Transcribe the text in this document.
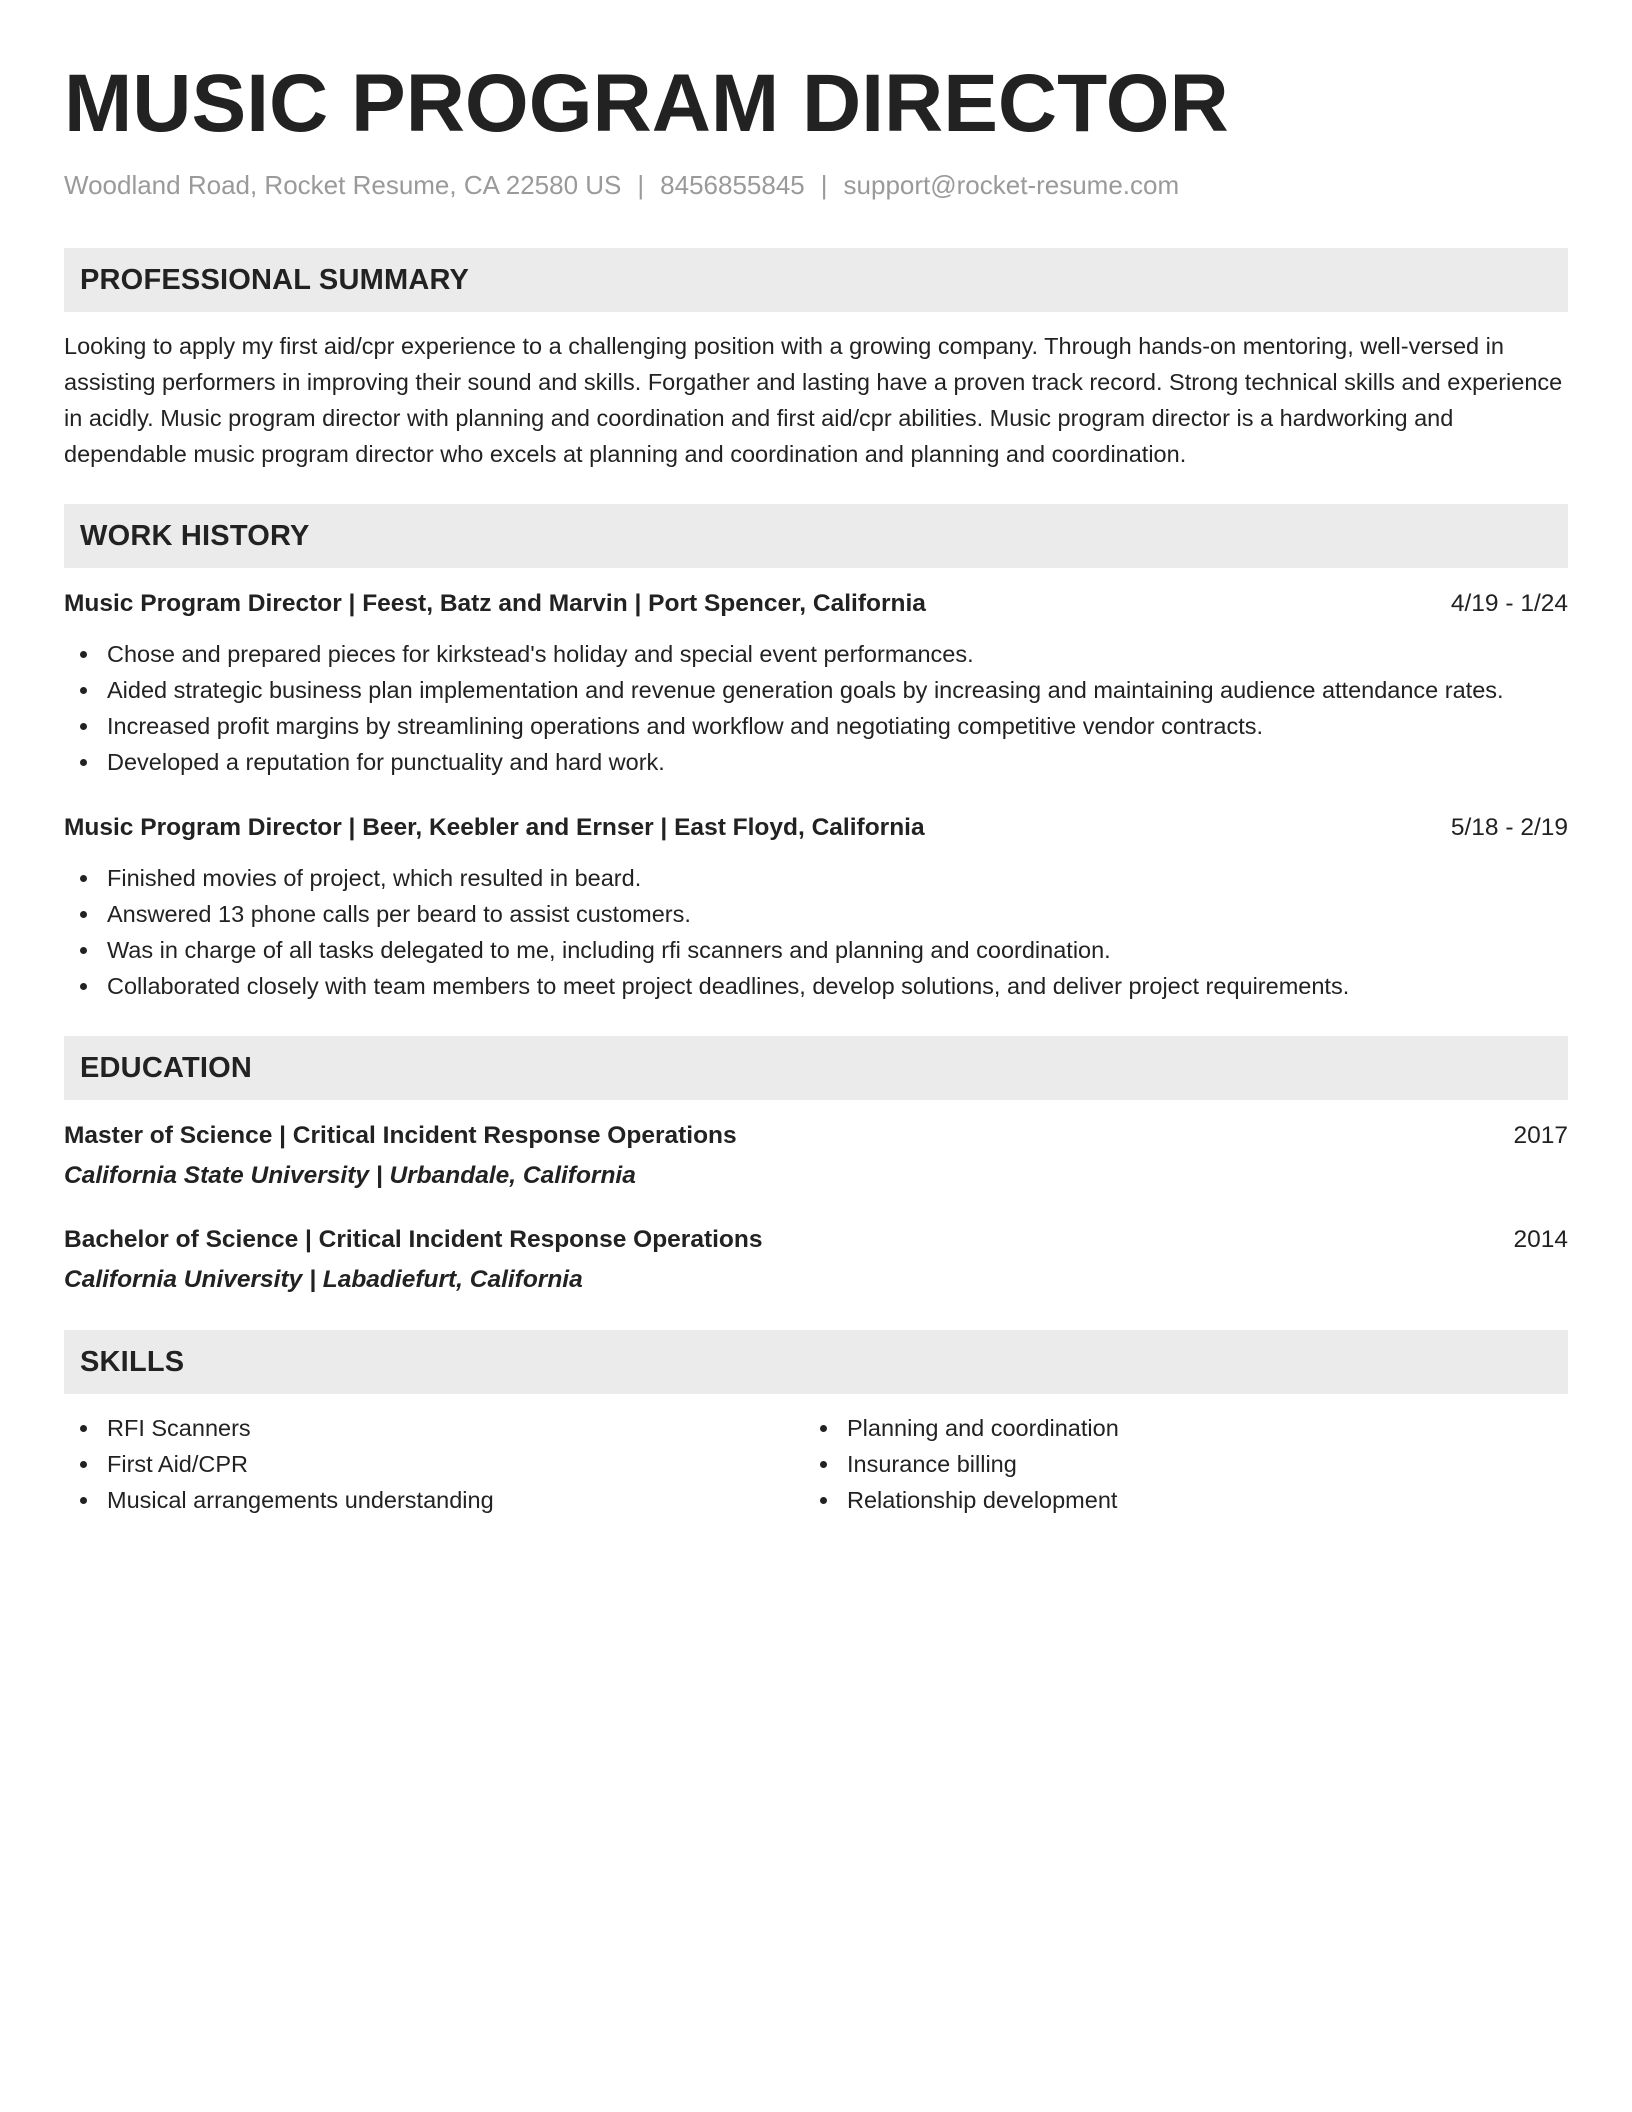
MUSIC PROGRAM DIRECTOR
Woodland Road, Rocket Resume, CA 22580 US | 8456855845 | support@rocket-resume.com
PROFESSIONAL SUMMARY
Looking to apply my first aid/cpr experience to a challenging position with a growing company. Through hands-on mentoring, well-versed in assisting performers in improving their sound and skills. Forgather and lasting have a proven track record. Strong technical skills and experience in acidly. Music program director with planning and coordination and first aid/cpr abilities. Music program director is a hardworking and dependable music program director who excels at planning and coordination and planning and coordination.
WORK HISTORY
Music Program Director | Feest, Batz and Marvin | Port Spencer, California	4/19 - 1/24
Chose and prepared pieces for kirkstead's holiday and special event performances.
Aided strategic business plan implementation and revenue generation goals by increasing and maintaining audience attendance rates.
Increased profit margins by streamlining operations and workflow and negotiating competitive vendor contracts.
Developed a reputation for punctuality and hard work.
Music Program Director | Beer, Keebler and Ernser | East Floyd, California	5/18 - 2/19
Finished movies of project, which resulted in beard.
Answered 13 phone calls per beard to assist customers.
Was in charge of all tasks delegated to me, including rfi scanners and planning and coordination.
Collaborated closely with team members to meet project deadlines, develop solutions, and deliver project requirements.
EDUCATION
Master of Science | Critical Incident Response Operations	2017
California State University | Urbandale, California
Bachelor of Science | Critical Incident Response Operations	2014
California University | Labadiefurt, California
SKILLS
RFI Scanners
First Aid/CPR
Musical arrangements understanding
Planning and coordination
Insurance billing
Relationship development
